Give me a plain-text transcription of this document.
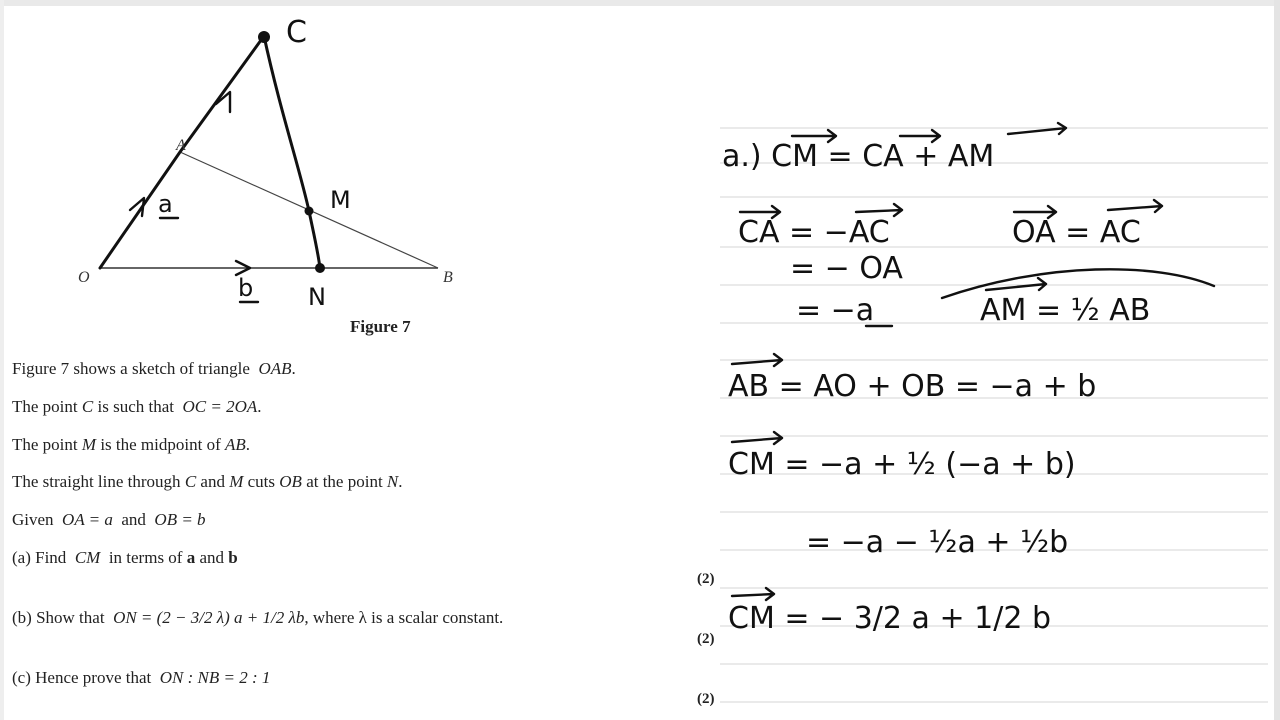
O
A
B
Figure 7
C
M
N
a
b
Figure 7 shows a sketch of triangle OAB.
The point C is such that OC = 2OA.
The point M is the midpoint of AB.
The straight line through C and M cuts OB at the point N.
Given OA = a and OB = b
(a) Find CM in terms of a and b
(b) Show that ON = (2 − 3/2 λ) a + 1/2 λb, where λ is a scalar constant.
(c) Hence prove that ON : NB = 2 : 1
(2)
(2)
(2)
a.) CM = CA + AM
CA = −AC	OA = AC
= − OA
= −a	AM = ½ AB
AB = AO + OB = −a + b
CM = −a + ½ (−a + b)
= −a − ½a + ½b
CM = − 3/2 a + 1/2 b
